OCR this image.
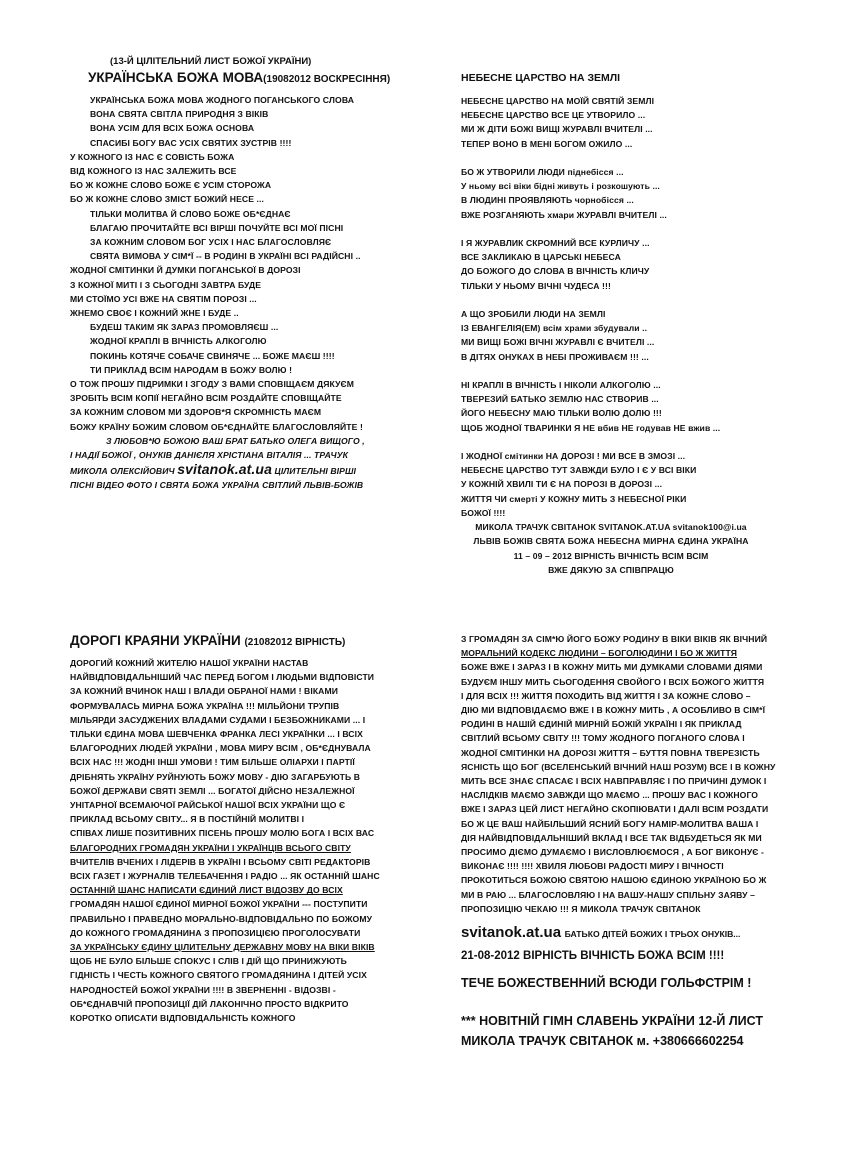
(13-Й ЦІЛІТЕЛЬНИЙ ЛИСТ БОЖОЇ УКРАЇНИ)
УКРАЇНСЬКА БОЖА МОВА(19082012 ВОСКРЕСІННЯ)
УКРАЇНСЬКА БОЖА МОВА ЖОДНОГО ПОГАНСЬКОГО СЛОВА
ВОНА СВЯТА СВІТЛА ПРИРОДНЯ З ВІКІВ
ВОНА УСІМ ДЛЯ ВСІХ БОЖА ОСНОВА
СПАСИБІ БОГУ ВАС УСІХ СВЯТИХ ЗУСТРІВ !!!!
У КОЖНОГО ІЗ НАС Є СОВІСТЬ БОЖА
ВІД КОЖНОГО ІЗ НАС ЗАЛЕЖИТЬ ВСЕ
БО Ж КОЖНЕ СЛОВО БОЖЕ Є УСІМ СТОРОЖА
БО Ж КОЖНЕ СЛОВО ЗМІСТ БОЖИЙ НЕСЕ ...
ТІЛЬКИ МОЛИТВА Й СЛОВО БОЖЕ ОБ*ЄДНАЄ
БЛАГАЮ ПРОЧИТАЙТЕ ВСІ ВІРШІ ПОЧУЙТЕ ВСІ МОЇ ПІСНІ
ЗА КОЖНИМ СЛОВОМ БОГ УСІХ І НАС БЛАГОСЛОВЛЯЄ
СВЯТА ВИМОВА У СІМ*Ї -- В РОДИНІ В УКРАЇНІ ВСІ РАДІЙСНІ ..
ЖОДНОЇ СМІТИНКИ Й ДУМКИ ПОГАНСЬКОЇ В ДОРОЗІ
З КОЖНОЇ МИТІ І З СЬОГОДНІ ЗАВТРА БУДЕ
МИ СТОЇМО УСІ ВЖЕ НА СВЯТІМ ПОРОЗІ ...
ЖНЕМО СВОЄ І КОЖНИЙ ЖНЕ І БУДЕ ..
БУДЕШ ТАКИМ ЯК ЗАРАЗ ПРОМОВЛЯЄШ ...
ЖОДНОЇ КРАПЛІ В ВІЧНІСТЬ АЛКОГОЛЮ
ПОКИНЬ КОТЯЧЕ СОБАЧЕ СВИНЯЧЕ ... БОЖЕ МАЄШ !!!!
ТИ ПРИКЛАД ВСІМ НАРОДАМ В БОЖУ ВОЛЮ !
О ТОЖ ПРОШУ ПІДРИМКИ І ЗГОДУ З ВАМИ СПОВІЩАЄМ ДЯКУЄМ
ЗРОБІТЬ ВСІМ КОПІЇ НЕГАЙНО ВСІМ РОЗДАЙТЕ СПОВІЩАЙТЕ
ЗА КОЖНИМ СЛОВОМ МИ ЗДОРОВ*Я СКРОМНІСТЬ МАЄМ
БОЖУ КРАЇНУ БОЖИМ СЛОВОМ ОБ*ЄДНАЙТЕ БЛАГОСЛОВЛЯЙТЕ !
З ЛЮБОВ*Ю БОЖОЮ ВАШ БРАТ БАТЬКО ОЛЕГА ВИЩОГО ,
І НАДІЇ БОЖОЇ , ОНУКІВ ДАНІЄЛЯ ХРІСТІАНА ВІТАЛІЯ ... ТРАЧУК
МИКОЛА ОЛЕКСІЙОВИЧ svitanok.at.ua ЦІЛИТЕЛЬНІ ВІРШІ
ПІСНІ ВІДЕО ФОТО І СВЯТА БОЖА УКРАЇНА СВІТЛИЙ ЛЬВІВ-БОЖІВ
НЕБЕСНЕ ЦАРСТВО НА ЗЕМЛІ
НЕБЕСНЕ ЦАРСТВО НА МОЇЙ СВЯТІЙ ЗЕМЛІ
НЕБЕСНЕ ЦАРСТВО ВСЕ ЦЕ УТВОРИЛО ...
МИ Ж ДІТИ БОЖІ ВИЩІ ЖУРАВЛІ ВЧИТЕЛІ ...
ТЕПЕР ВОНО В МЕНІ БОГОМ ОЖИЛО ...

БО Ж УТВОРИЛИ ЛЮДИ піднебісся ...
У ньому всі віки бідні живуть і розкошують ...
В ЛЮДИНІ ПРОЯВЛЯЮТЬ чорнобісся ...
ВЖЕ РОЗГАНЯЮТЬ хмари ЖУРАВЛІ ВЧИТЕЛІ ...

І Я ЖУРАВЛИК СКРОМНИЙ ВСЕ КУРЛИЧУ ...
ВСЕ ЗАКЛИКАЮ В ЦАРСЬКІ НЕБЕСА
ДО БОЖОГО ДО СЛОВА В ВІЧНІСТЬ КЛИЧУ
ТІЛЬКИ У НЬОМУ ВІЧНІ ЧУДЕСА !!!

А ЩО ЗРОБИЛИ ЛЮДИ НА ЗЕМЛІ
ІЗ ЕВАНГЕЛІЯ(ЕМ) всім храми збудували ..
МИ ВИЩІ БОЖІ ВІЧНІ ЖУРАВЛІ Є ВЧИТЕЛІ ...
В ДІТЯХ ОНУКАХ В НЕБІ ПРОЖИВАЄМ !!! ...

НІ КРАПЛІ В ВІЧНІСТЬ І НІКОЛИ АЛКОГОЛЮ ...
ТВЕРЕЗИЙ БАТЬКО ЗЕМЛЮ НАС СТВОРИВ ...
ЙОГО НЕБЕСНУ МАЮ ТІЛЬКИ ВОЛЮ ДОЛЮ !!!
ЩОБ ЖОДНОЇ ТВАРИНКИ Я НЕ вбив НЕ годував НЕ вжив ...

І ЖОДНОЇ смітинки НА ДОРОЗІ ! МИ ВСЕ В ЗМОЗІ ...
НЕБЕСНЕ ЦАРСТВО ТУТ ЗАВЖДИ БУЛО І Є У ВСІ ВІКИ
У КОЖНІЙ ХВИЛІ ТИ Є НА ПОРОЗІ В ДОРОЗІ ...
ЖИТТЯ ЧИ смерті У КОЖНУ МИТЬ З НЕБЕСНОЇ РІКИ
БОЖОЇ !!!!
МИКОЛА ТРАЧУК СВІТАНОК SVITANOK.AT.UA svitanok100@i.ua
ЛЬВІВ БОЖІВ СВЯТА БОЖА НЕБЕСНА МИРНА ЄДИНА УКРАЇНА
11 – 09 – 2012 ВІРНІСТЬ ВІЧНІСТЬ ВСІМ ВСІМ
ВЖЕ ДЯКУЮ ЗА СПІВПРАЦЮ
ДОРОГІ КРАЯНИ УКРАЇНИ (21082012 ВІРНІСТЬ)
ДОРОГИЙ КОЖНИЙ ЖИТЕЛЮ НАШОЇ УКРАЇНИ НАСТАВ
НАЙВІДПОВІДАЛЬНІШИЙ ЧАС ПЕРЕД БОГОМ І ЛЮДЬМИ ВІДПОВІСТИ
ЗА КОЖНИЙ ВЧИНОК НАШ І ВЛАДИ ОБРАНОЇ НАМИ ! ВІКАМИ
ФОРМУВАЛАСЬ МИРНА БОЖА УКРАЇНА !!! МІЛЬЙОНИ ТРУПІВ
МІЛЬЯРДИ ЗАСУДЖЕНИХ ВЛАДАМИ СУДАМИ І БЕЗБОЖНИКАМИ ... І
ТІЛЬКИ ЄДИНА МОВА ШЕВЧЕНКА ФРАНКА ЛЕСІ УКРАЇНКИ ... І ВСІХ
БЛАГОРОДНИХ ЛЮДЕЙ УКРАЇНИ , МОВА МИРУ ВСІМ , ОБ*ЄДНУВАЛА
ВСІХ НАС !!! ЖОДНІ ІНШІ УМОВИ ! ТИМ БІЛЬШЕ ОЛІАРХИ І ПАРТІЇ
ДРІБНЯТЬ УКРАЇНУ РУЙНУЮТЬ БОЖУ МОВУ - ДІЮ ЗАГАРБУЮТЬ В
БОЖОЇ ДЕРЖАВИ СВЯТІ ЗЕМЛІ ... БОГАТОЇ ДІЙСНО НЕЗАЛЕЖНОЇ
УНІТАРНОЇ ВСЕМАЮЧОЇ РАЙСЬКОЇ НАШОЇ ВСІХ УКРАЇНИ ЩО Є
ПРИКЛАД ВСЬОМУ СВІТУ... Я В ПОСТІЙНІЙ МОЛИТВІ І
СПІВАХ ЛИШЕ ПОЗИТИВНИХ ПІСЕНЬ ПРОШУ МОЛЮ БОГА І ВСІХ ВАС
БЛАГОРОДНИХ ГРОМАДЯН УКРАЇНИ І УКРАЇНЦІВ ВСЬОГО СВІТУ
ВЧИТЕЛІВ ВЧЕНИХ І ЛІДЕРІВ В УКРАЇНІ І ВСЬОМУ СВІТІ РЕДАКТОРІВ
ВСІХ ГАЗЕТ І ЖУРНАЛІВ ТЕЛЕБАЧЕННЯ І РАДІО ... ЯК ОСТАННІЙ ШАНС
ОСТАННІЙ ШАНС НАПИСАТИ ЄДИНИЙ ЛИСТ ВІДОЗВУ ДО ВСІХ
ГРОМАДЯН НАШОЇ ЄДИНОЇ МИРНОЇ БОЖОЇ УКРАЇНИ --- ПОСТУПИТИ
ПРАВИЛЬНО І ПРАВЕДНО МОРАЛЬНО-ВІДПОВІДАЛЬНО ПО БОЖОМУ
ДО КОЖНОГО ГРОМАДЯНИНА З ПРОПОЗИЦІЄЮ ПРОГОЛОСУВАТИ
ЗА УКРАЇНСЬКУ ЄДИНУ ЦІЛИТЕЛЬНУ ДЕРЖАВНУ МОВУ НА ВІКИ ВІКІВ
ЩОБ НЕ БУЛО БІЛЬШЕ СПОКУС І СЛІВ І ДІЙ ЩО ПРИНИЖУЮТЬ
ГІДНІСТЬ І ЧЕСТЬ КОЖНОГО СВЯТОГО ГРОМАДЯНИНА І ДІТЕЙ УСІХ
НАРОДНОСТЕЙ БОЖОЇ УКРАЇНИ !!!! В ЗВЕРНЕННІ - ВІДОЗВІ -
ОБ*ЄДНАВЧІЙ ПРОПОЗИЦІЇ ДІЙ ЛАКОНІЧНО ПРОСТО ВІДКРИТО
КОРОТКО ОПИСАТИ ВІДПОВІДАЛЬНІСТЬ КОЖНОГО
З ГРОМАДЯН ЗА СІМ*Ю ЙОГО БОЖУ РОДИНУ В ВІКИ ВІКІВ ЯК ВІЧНИЙ
МОРАЛЬНИЙ КОДЕКС ЛЮДИНИ – БОГОЛЮДИНИ І БО Ж ЖИТТЯ
БОЖЕ ВЖЕ І ЗАРАЗ І В КОЖНУ МИТЬ МИ ДУМКАМИ СЛОВАМИ ДІЯМИ
БУДУЄМ ІНШУ МИТЬ СЬОГОДЕННЯ СВОЙОГО І ВСІХ БОЖОГО ЖИТТЯ
І ДЛЯ ВСІХ !!! ЖИТТЯ ПОХОДИТЬ ВІД ЖИТТЯ І ЗА КОЖНЕ СЛОВО –
ДІЮ МИ ВІДПОВІДАЄМО ВЖЕ І В КОЖНУ МИТЬ , А ОСОБЛИВО В СІМ*Ї
РОДИНІ В НАШІЙ ЄДИНІЙ МИРНІЙ БОЖІЙ УКРАЇНІ І ЯК ПРИКЛАД
СВІТЛИЙ ВСЬОМУ СВІТУ !!! ТОМУ ЖОДНОГО ПОГАНОГО СЛОВА І
ЖОДНОЇ СМІТИНКИ НА ДОРОЗІ ЖИТТЯ – БУТТЯ ПОВНА ТВЕРЕЗІСТЬ
ЯСНІСТЬ ЩО БОГ (ВСЕЛЕНСЬКИЙ ВІЧНИЙ НАШ РОЗУМ) ВСЕ І В КОЖНУ
МИТЬ ВСЕ ЗНАЄ СПАСАЄ І ВСІХ НАВПРАВЛЯЄ І ПО ПРИЧИНІ ДУМОК І
НАСЛІДКІВ МАЄМО ЗАВЖДИ ЩО МАЄМО ... ПРОШУ ВАС І КОЖНОГО
ВЖЕ І ЗАРАЗ ЦЕЙ ЛИСТ НЕГАЙНО СКОПІЮВАТИ І ДАЛІ ВСІМ РОЗДАТИ
БО Ж ЦЕ ВАШ НАЙБІЛЬШИЙ ЯСНИЙ БОГУ НАМІР-МОЛИТВА ВАША І
ДІЯ НАЙВІДПОВІДАЛЬНІШИЙ ВКЛАД І ВСЕ ТАК ВІДБУДЕТЬСЯ ЯК МИ
ПРОСИМО ДІЄМО ДУМАЄМО І ВИСЛОВЛЮЄМОСЯ , А БОГ ВИКОНУЄ -
ВИКОНАЄ !!!! !!!! ХВИЛЯ ЛЮБОВІ РАДОСТІ МИРУ І ВІЧНОСТІ
ПРОКОТИТЬСЯ БОЖОЮ СВЯТОЮ НАШОЮ ЄДИНОЮ УКРАЇНОЮ БО Ж
МИ В РАЮ ... БЛАГОСЛОВЛЯЮ І НА ВАШУ-НАШУ СПІЛЬНУ ЗАЯВУ –
ПРОПОЗИЦІЮ ЧЕКАЮ !!! Я МИКОЛА ТРАЧУК СВІТАНОК
svitanok.at.ua БАТЬКО ДІТЕЙ БОЖИХ І ТРЬОХ ОНУКІВ...
21-08-2012 ВІРНІСТЬ ВІЧНІСТЬ БОЖА ВСІМ !!!!
ТЕЧЕ БОЖЕСТВЕННИЙ ВСЮДИ ГОЛЬФСТРІМ !
*** НОВІТНІЙ ГІМН СЛАВЕНЬ УКРАЇНИ 12-Й ЛИСТ
МИКОЛА ТРАЧУК СВІТАНОК м. +380666602254
